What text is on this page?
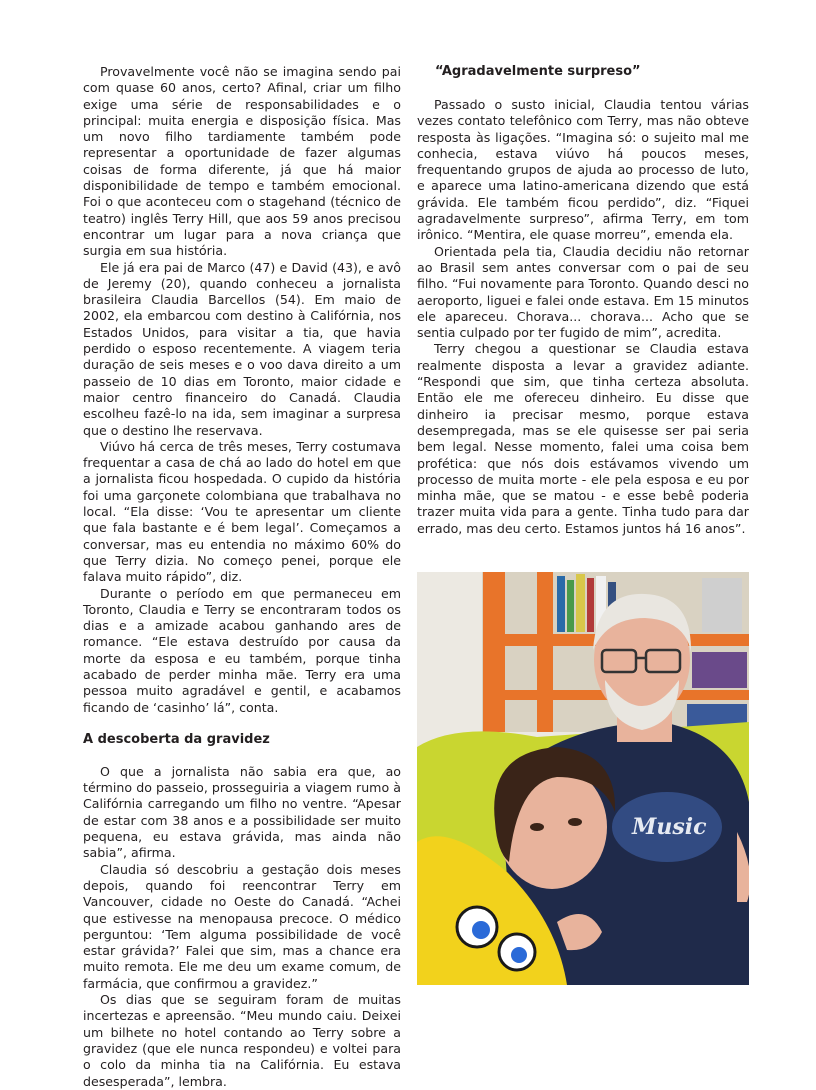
Provavelmente você não se imagina sendo pai com quase 60 anos, certo? Afinal, criar um filho exige uma série de responsabilidades e o principal: muita energia e disposição física. Mas um novo filho tardiamente também pode representar a oportunidade de fazer algumas coisas de forma diferente, já que há maior disponibilidade de tempo e também emocional. Foi o que aconteceu com o stagehand (técnico de teatro) inglês Terry Hill, que aos 59 anos precisou encontrar um lugar para a nova criança que surgia em sua história.

Ele já era pai de Marco (47) e David (43), e avô de Jeremy (20), quando conheceu a jornalista brasileira Claudia Barcellos (54). Em maio de 2002, ela embarcou com destino à Califórnia, nos Estados Unidos, para visitar a tia, que havia perdido o esposo recentemente. A viagem teria duração de seis meses e o voo dava direito a um passeio de 10 dias em Toronto, maior cidade e maior centro financeiro do Canadá. Claudia escolheu fazê-lo na ida, sem imaginar a surpresa que o destino lhe reservava.

Viúvo há cerca de três meses, Terry costumava frequentar a casa de chá ao lado do hotel em que a jornalista ficou hospedada. O cupido da história foi uma garçonete colombiana que trabalhava no local. “Ela disse: ‘Vou te apresentar um cliente que fala bastante e é bem legal’. Começamos a conversar, mas eu entendia no máximo 60% do que Terry dizia. No começo penei, porque ele falava muito rápido”, diz.

Durante o período em que permaneceu em Toronto, Claudia e Terry se encontraram todos os dias e a amizade acabou ganhando ares de romance. “Ele estava destruído por causa da morte da esposa e eu também, porque tinha acabado de perder minha mãe. Terry era uma pessoa muito agradável e gentil, e acabamos ficando de ‘casinho’ lá”, conta.

A descoberta da gravidez

O que a jornalista não sabia era que, ao término do passeio, prosseguiria a viagem rumo à Califórnia carregando um filho no ventre. “Apesar de estar com 38 anos e a possibilidade ser muito pequena, eu estava grávida, mas ainda não sabia”, afirma.

Claudia só descobriu a gestação dois meses depois, quando foi reencontrar Terry em Vancouver, cidade no Oeste do Canadá. “Achei que estivesse na menopausa precoce. O médico perguntou: ‘Tem alguma possibilidade de você estar grávida?’ Falei que sim, mas a chance era muito remota. Ele me deu um exame comum, de farmácia, que confirmou a gravidez.”

Os dias que se seguiram foram de muitas incertezas e apreensão. “Meu mundo caiu. Deixei um bilhete no hotel contando ao Terry sobre a gravidez (que ele nunca respondeu) e voltei para o colo da minha tia na Califórnia. Eu estava desesperada”, lembra.

“Agradavelmente surpreso”

Passado o susto inicial, Claudia tentou várias vezes contato telefônico com Terry, mas não obteve resposta às ligações. “Imagina só: o sujeito mal me conhecia, estava viúvo há poucos meses, frequentando grupos de ajuda ao processo de luto, e aparece uma latino-americana dizendo que está grávida. Ele também ficou perdido”, diz. “Fiquei agradavelmente surpreso”, afirma Terry, em tom irônico. “Mentira, ele quase morreu”, emenda ela.

Orientada pela tia, Claudia decidiu não retornar ao Brasil sem antes conversar com o pai de seu filho. “Fui novamente para Toronto. Quando desci no aeroporto, liguei e falei onde estava. Em 15 minutos ele apareceu. Chorava... chorava... Acho que se sentia culpado por ter fugido de mim”, acredita.

Terry chegou a questionar se Claudia estava realmente disposta a levar a gravidez adiante. “Respondi que sim, que tinha certeza absoluta. Então ele me ofereceu dinheiro. Eu disse que dinheiro ia precisar mesmo, porque estava desempregada, mas se ele quisesse ser pai seria bem legal. Nesse momento, falei uma coisa bem profética: que nós dois estávamos vivendo um processo de muita morte - ele pela esposa e eu por minha mãe, que se matou - e esse bebê poderia trazer muita vida para a gente. Tinha tudo para dar errado, mas deu certo. Estamos juntos há 16 anos”.

Music
